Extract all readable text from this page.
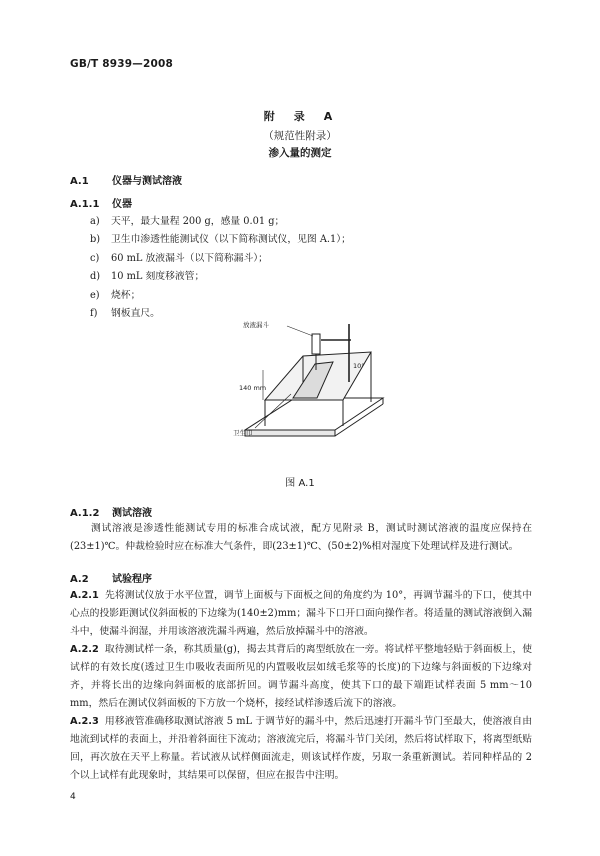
GB/T 8939—2008
附　录　A
（规范性附录）
渗入量的测定
A.1 仪器与测试溶液
A.1.1 仪器
a) 天平，最大量程 200 g，感量 0.01 g；
b) 卫生巾渗透性能测试仪（以下简称测试仪，见图 A.1）；
c) 60 mL 放液漏斗（以下简称漏斗）；
d) 10 mL 刻度移液管；
e) 烧杯；
f) 钢板直尺。
放液漏斗
140 mm
卫生巾
10°
图 A.1
A.1.2 测试溶液

测试溶液是渗透性能测试专用的标准合成试液，配方见附录 B，测试时测试溶液的温度应保持在(23±1)℃。仲裁检验时应在标准大气条件，即(23±1)℃、(50±2)%相对湿度下处理试样及进行测试。

A.2 试验程序

A.2.1 先将测试仪放于水平位置，调节上面板与下面板之间的角度约为 10°，再调节漏斗的下口，使其中心点的投影距测试仪斜面板的下边缘为(140±2)mm；漏斗下口开口面向操作者。将适量的测试溶液倒入漏斗中，使漏斗润湿，并用该溶液洗漏斗两遍，然后放掉漏斗中的溶液。

A.2.2 取待测试样一条，称其质量(g)，揭去其背后的离型纸放在一旁。将试样平整地轻贴于斜面板上，使试样的有效长度(透过卫生巾吸收表面所见的内置吸收层如绒毛浆等的长度)的下边缘与斜面板的下边缘对齐，并将长出的边缘向斜面板的底部折回。调节漏斗高度，使其下口的最下端距试样表面 5 mm～10 mm，然后在测试仪斜面板的下方放一个烧杯，接经试样渗透后流下的溶液。

A.2.3 用移液管准确移取测试溶液 5 mL 于调节好的漏斗中，然后迅速打开漏斗节门至最大，使溶液自由地流到试样的表面上，并沿着斜面往下流动；溶液流完后，将漏斗节门关闭，然后将试样取下，将离型纸贴回，再次放在天平上称量。若试液从试样侧面流走，则该试样作废，另取一条重新测试。若同种样品的 2 个以上试样有此现象时，其结果可以保留，但应在报告中注明。

4
